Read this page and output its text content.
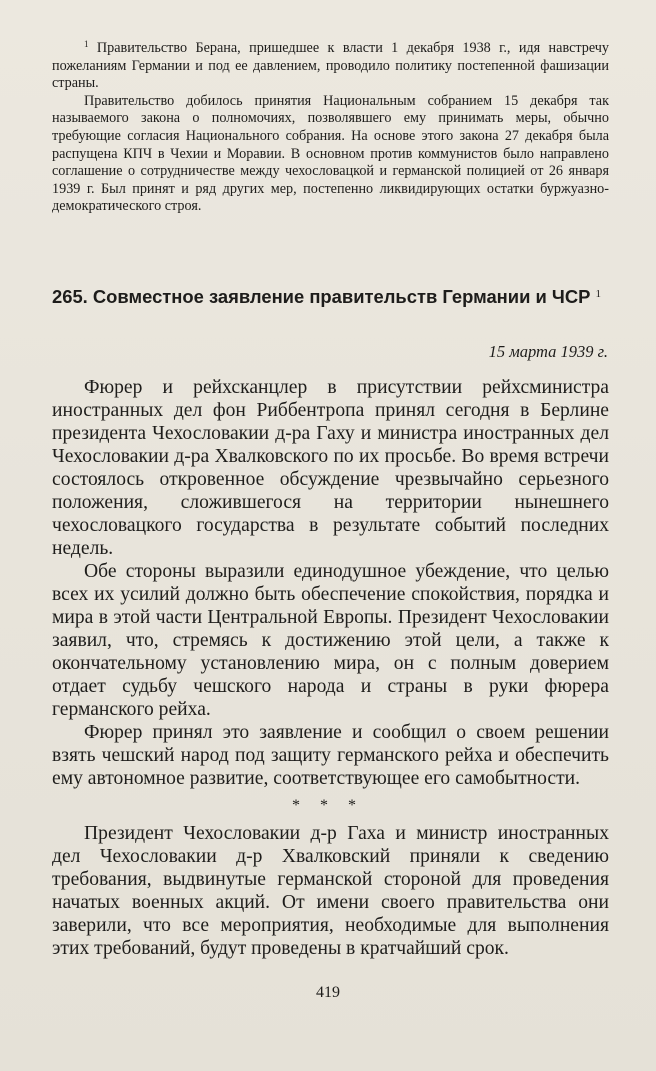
$^1$ Правительство Берана, пришедшее к власти 1 декабря 1938 г., идя навстречу пожеланиям Германии и под ее давлением, проводило политику постепенной фашизации страны.

Правительство добилось принятия Национальным собранием 15 декабря так называемого закона о полномочиях, позволявшего ему принимать меры, обычно требующие согласия Национального собрания. На основе этого закона 27 декабря была распущена КПЧ в Чехии и Моравии. В основном против коммунистов было направлено соглашение о сотрудничестве между чехословацкой и германской полицией от 26 января 1939 г. Был принят и ряд других мер, постепенно ликвидирующих остатки буржуазно-демократического строя.

265. Совместное заявление правительств Германии и ЧСР $^1$
15 марта 1939 г.

Фюрер и рейхсканцлер в присутствии рейхсминистра иностранных дел фон Риббентропа принял сегодня в Берлине президента Чехословакии д-ра Гаху и министра иностранных дел Чехословакии д-ра Хвалковского по их просьбе. Во время встречи состоялось откровенное обсуждение чрезвычайно серьезного положения, сложившегося на территории нынешнего чехословацкого государства в результате событий последних недель.

Обе стороны выразили единодушное убеждение, что целью всех их усилий должно быть обеспечение спокойствия, порядка и мира в этой части Центральной Европы. Президент Чехословакии заявил, что, стремясь к достижению этой цели, а также к окончательному установлению мира, он с полным доверием отдает судьбу чешского народа и страны в руки фюрера германского рейха.

Фюрер принял это заявление и сообщил о своем решении взять чешский народ под защиту германского рейха и обеспечить ему автономное развитие, соответствующее его самобытности.

* * *

Президент Чехословакии д-р Гаха и министр иностранных дел Чехословакии д-р Хвалковский приняли к сведению требования, выдвинутые германской стороной для проведения начатых военных акций. От имени своего правительства они заверили, что все мероприятия, необходимые для выполнения этих требований, будут проведены в кратчайший срок.

419
